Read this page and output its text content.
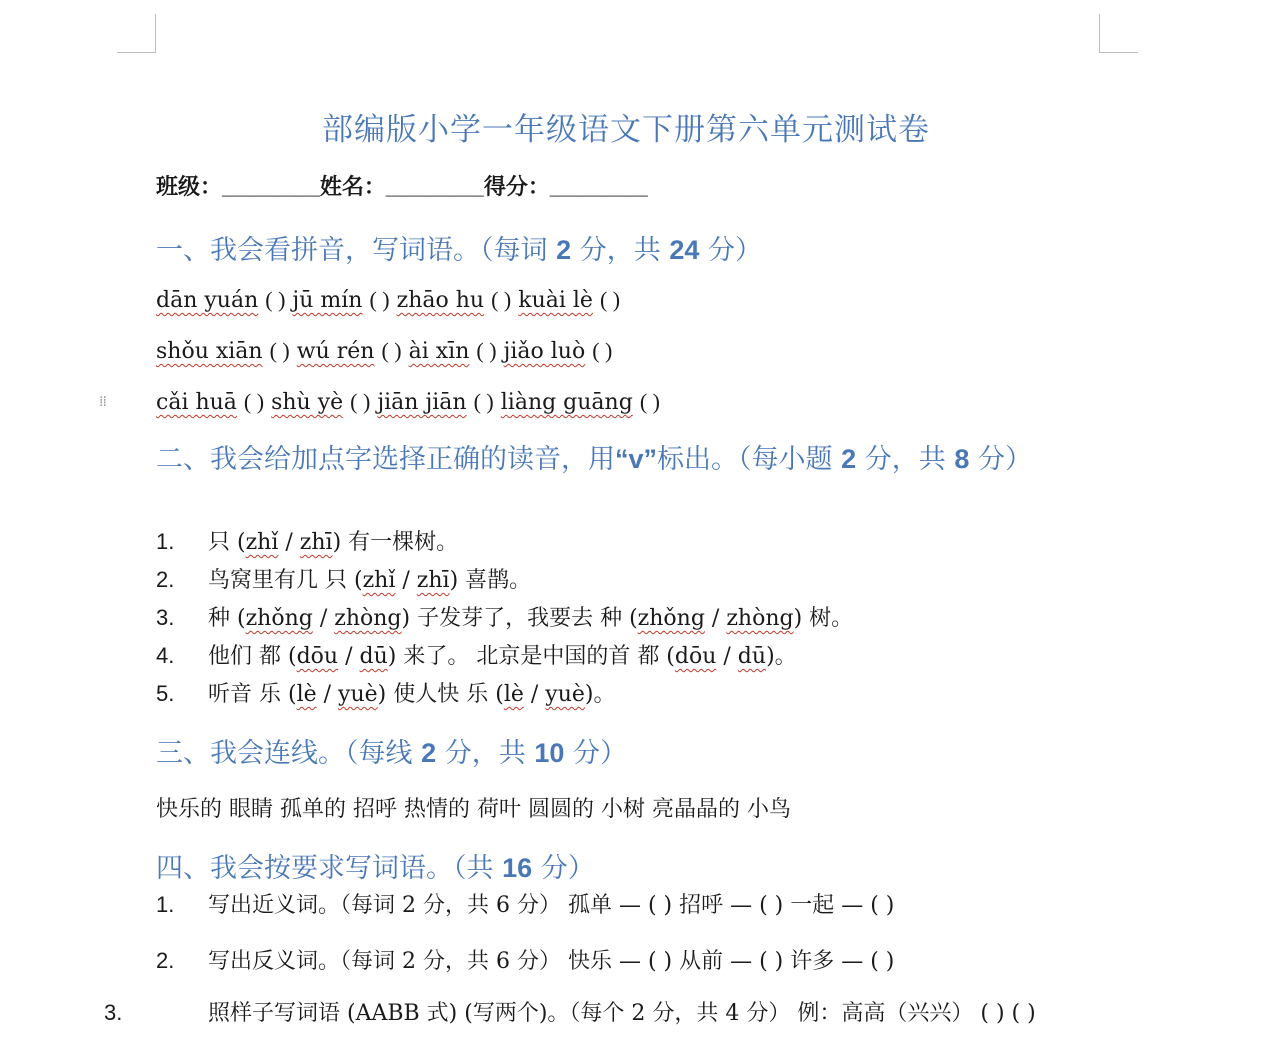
⁞⁞
部编版小学一年级语文下册第六单元测试卷
班级：________姓名：________得分：________
一、我会看拼音，写词语。（每词 2 分，共 24 分）
dān yuán ( ) jū mín ( ) zhāo hu ( ) kuài lè ( )
shǒu xiān ( ) wú rén ( ) ài xīn ( ) jiǎo luò ( )
cǎi huā ( ) shù yè ( ) jiān jiān ( ) liàng guāng ( )
二、我会给加点字选择正确的读音，用“v”标出。（每小题 2 分，共 8 分）
1. 只 (zhǐ / zhī) 有一棵树。
2. 鸟窝里有几 只 (zhǐ / zhī) 喜鹊。
3. 种 (zhǒng / zhòng) 子发芽了，我要去 种 (zhǒng / zhòng) 树。
4. 他们 都 (dōu / dū) 来了。 北京是中国的首 都 (dōu / dū)。
5. 听音 乐 (lè / yuè) 使人快 乐 (lè / yuè)。
三、我会连线。（每线 2 分，共 10 分）
快乐的 眼睛 孤单的 招呼 热情的 荷叶 圆圆的 小树 亮晶晶的 小鸟
四、我会按要求写词语。（共 16 分）
1. 写出近义词。（每词 2 分，共 6 分） 孤单 — ( ) 招呼 — ( ) 一起 — ( )
2. 写出反义词。（每词 2 分，共 6 分） 快乐 — ( ) 从前 — ( ) 许多 — ( )
3.	照样子写词语 (AABB 式) (写两个)。（每个 2 分，共 4 分） 例：高高（兴兴） ( ) ( )
